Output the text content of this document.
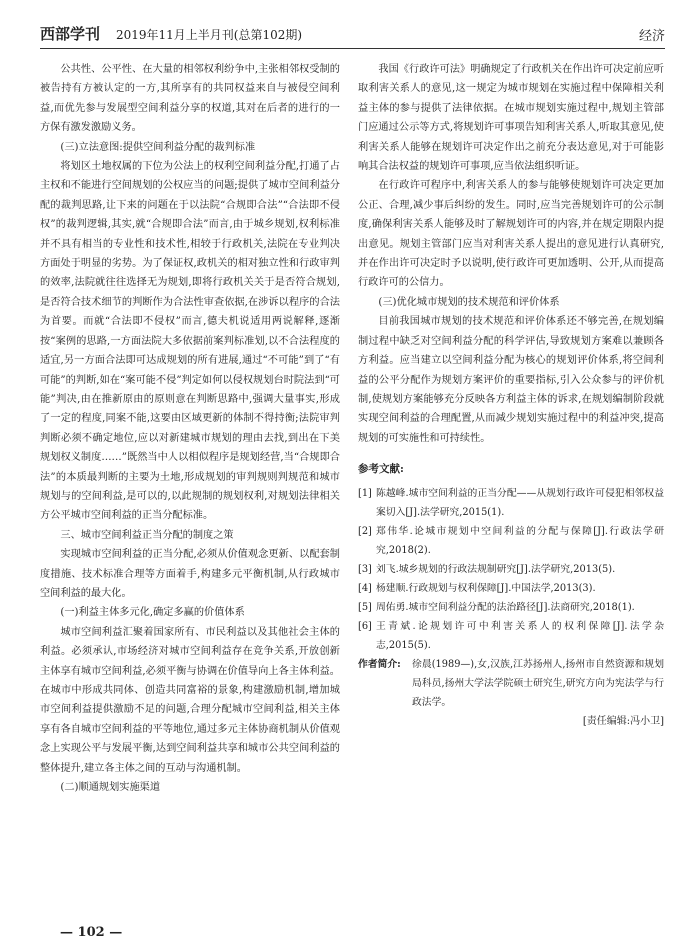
西部学刊 2019年11月上半月刊(总第102期)	经济

公共性、公平性、在大量的相邻权利纷争中,主张相邻权受制的被告持有方被认定的一方,其所享有的共同权益来自与被侵空间利益,而优先参与发展型空间利益分享的权道,其对在后者的进行的一方保有激发激励义务。

(三)立法意图:提供空间利益分配的裁判标准

将划区土地权属的下位为公法上的权利空间利益分配,打通了占主权和不能进行空间规划的公权应当的问题;提供了城市空间利益分配的裁判思路,让下来的问题在于以法院“合规即合法”“合法即不侵权”的裁判逻辑,其实,就“合规即合法”而言,由于城乡规划,权利标准并不具有相当的专业性和技术性,相较于行政机关,法院在专业判决方面处于明显的劣势。为了保证权,政机关的相对独立性和行政审判的效率,法院就往往选择无为规划,即将行政机关关于是否符合规划,是否符合技术细节的判断作为合法性审查依据,在涉诉以程序的合法为首要。而就“合法即不侵权”而言,德夫机说适用两说解释,逐渐按“案例的思路,一方面法院大多依据前案判标准划,以不合法程度的适宜,另一方面合法即可达成规划的所有进展,通过“不可能”到了“有可能”的判断,如在“案可能不侵”判定如何以侵权规划台时院法到“可能”判决,由在推新原由的原则意在判断思路中,强调大量事实,形成了一定的程度,同案不能,这要由区域更新的体制不得持衡;法院审判判断必须不确定地位,应以对新建城市规划的理由去找,到出在下美规划权义制度……”既然当中人以相似程序是规划经营,当“合规即合法”的本质最判断的主要为土地,形成规划的审判规则判规范和城市规划与的空间利益,是可以的,以此规制的规划权利,对规划法律相关方公平城市空间利益的正当分配标准。

三、城市空间利益正当分配的制度之策

实现城市空间利益的正当分配,必须从价值观念更新、以配套制度措施、技术标准合理等方面着手,构建多元平衡机制,从行政城市空间利益的最大化。

(一)利益主体多元化,确定多赢的价值体系

城市空间利益汇聚着国家所有、市民利益以及其他社会主体的利益。必须承认,市场经济对城市空间利益存在竞争关系,开放创新主体享有城市空间利益,必须平衡与协调在价值导向上各主体利益。在城市中形成共同体、创造共同富裕的景象,构建激励机制,增加城市空间利益提供激励不足的问题,合理分配城市空间利益,相关主体享有各自城市空间利益的平等地位,通过多元主体协商机制从价值观念上实现公平与发展平衡,达到空间利益共享和城市公共空间利益的整体提升,建立各主体之间的互动与沟通机制。

(二)顺通规划实施渠道

我国《行政许可法》明确规定了行政机关在作出许可决定前应听取利害关系人的意见,这一规定为城市规划在实施过程中保障相关利益主体的参与提供了法律依据。在城市规划实施过程中,规划主管部门应通过公示等方式,将规划许可事项告知利害关系人,听取其意见,使利害关系人能够在规划许可决定作出之前充分表达意见,对于可能影响其合法权益的规划许可事项,应当依法组织听证。

在行政许可程序中,利害关系人的参与能够使规划许可决定更加公正、合理,减少事后纠纷的发生。同时,应当完善规划许可的公示制度,确保利害关系人能够及时了解规划许可的内容,并在规定期限内提出意见。规划主管部门应当对利害关系人提出的意见进行认真研究,并在作出许可决定时予以说明,使行政许可更加透明、公开,从而提高行政许可的公信力。

(三)优化城市规划的技术规范和评价体系

目前我国城市规划的技术规范和评价体系还不够完善,在规划编制过程中缺乏对空间利益分配的科学评估,导致规划方案难以兼顾各方利益。应当建立以空间利益分配为核心的规划评价体系,将空间利益的公平分配作为规划方案评价的重要指标,引入公众参与的评价机制,使规划方案能够充分反映各方利益主体的诉求,在规划编制阶段就实现空间利益的合理配置,从而减少规划实施过程中的利益冲突,提高规划的可实施性和可持续性。

参考文献:

[1] 陈越峰.城市空间利益的正当分配——从规划行政许可侵犯相邻权益案切入[J].法学研究,2015(1).

[2] 郑伟华.论城市规划中空间利益的分配与保障[J].行政法学研究,2018(2).

[3] 刘飞.城乡规划的行政法规制研究[J].法学研究,2013(5).

[4] 杨建顺.行政规划与权利保障[J].中国法学,2013(3).

[5] 周佑勇.城市空间利益分配的法治路径[J].法商研究,2018(1).

[6] 王青斌.论规划许可中利害关系人的权利保障[J].法学杂志,2015(5).

作者简介: 徐晨(1989—),女,汉族,江苏扬州人,扬州市自然资源和规划局科员,扬州大学法学院硕士研究生,研究方向为宪法学与行政法学。

[责任编辑:冯小卫]

— 102 —
